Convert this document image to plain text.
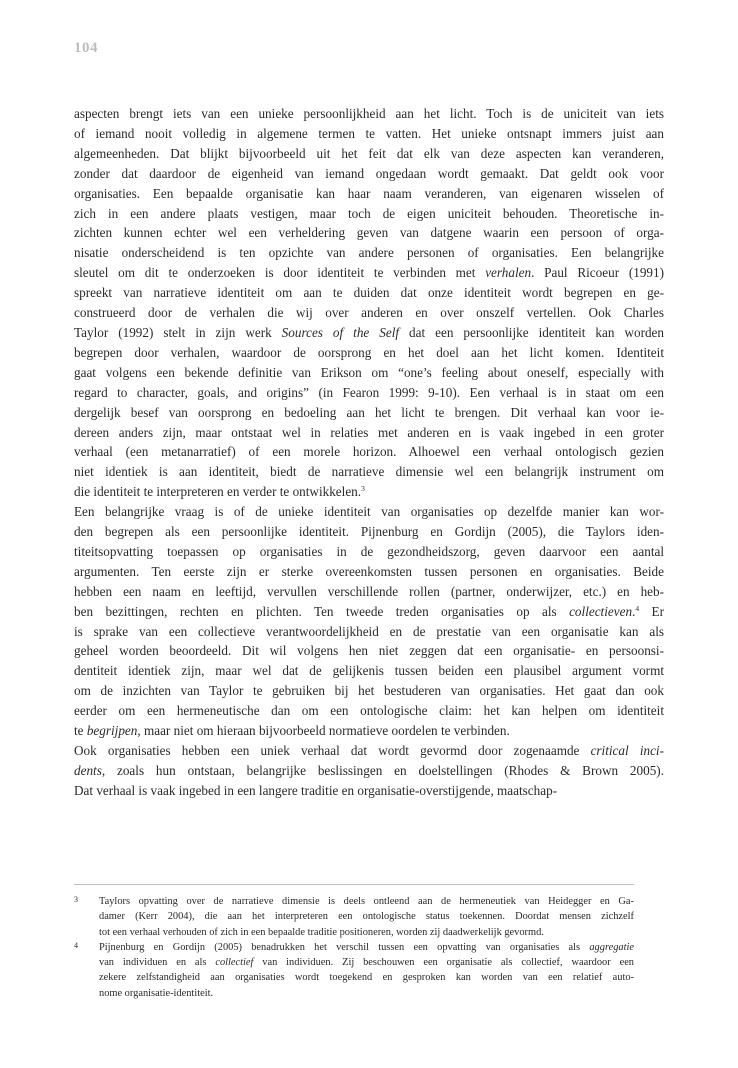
104
aspecten brengt iets van een unieke persoonlijkheid aan het licht. Toch is de uniciteit van iets
of iemand nooit volledig in algemene termen te vatten. Het unieke ontsnapt immers juist aan
algemeenheden. Dat blijkt bijvoorbeeld uit het feit dat elk van deze aspecten kan veranderen,
zonder dat daardoor de eigenheid van iemand ongedaan wordt gemaakt. Dat geldt ook voor
organisaties. Een bepaalde organisatie kan haar naam veranderen, van eigenaren wisselen of
zich in een andere plaats vestigen, maar toch de eigen uniciteit behouden. Theoretische in-
zichten kunnen echter wel een verheldering geven van datgene waarin een persoon of orga-
nisatie onderscheidend is ten opzichte van andere personen of organisaties. Een belangrijke
sleutel om dit te onderzoeken is door identiteit te verbinden met verhalen. Paul Ricoeur (1991)
spreekt van narratieve identiteit om aan te duiden dat onze identiteit wordt begrepen en ge-
construeerd door de verhalen die wij over anderen en over onszelf vertellen. Ook Charles
Taylor (1992) stelt in zijn werk Sources of the Self dat een persoonlijke identiteit kan worden
begrepen door verhalen, waardoor de oorsprong en het doel aan het licht komen. Identiteit
gaat volgens een bekende definitie van Erikson om “one’s feeling about oneself, especially with
regard to character, goals, and origins” (in Fearon 1999: 9-10). Een verhaal is in staat om een
dergelijk besef van oorsprong en bedoeling aan het licht te brengen. Dit verhaal kan voor ie-
dereen anders zijn, maar ontstaat wel in relaties met anderen en is vaak ingebed in een groter
verhaal (een metanarratief) of een morele horizon. Alhoewel een verhaal ontologisch gezien
niet identiek is aan identiteit, biedt de narratieve dimensie wel een belangrijk instrument om
die identiteit te interpreteren en verder te ontwikkelen.$^3$
Een belangrijke vraag is of de unieke identiteit van organisaties op dezelfde manier kan wor-
den begrepen als een persoonlijke identiteit. Pijnenburg en Gordijn (2005), die Taylors iden-
titeitsopvatting toepassen op organisaties in de gezondheidszorg, geven daarvoor een aantal
argumenten. Ten eerste zijn er sterke overeenkomsten tussen personen en organisaties. Beide
hebben een naam en leeftijd, vervullen verschillende rollen (partner, onderwijzer, etc.) en heb-
ben bezittingen, rechten en plichten. Ten tweede treden organisaties op als collectieven.$^4$ Er
is sprake van een collectieve verantwoordelijkheid en de prestatie van een organisatie kan als
geheel worden beoordeeld. Dit wil volgens hen niet zeggen dat een organisatie- en persoonsi-
dentiteit identiek zijn, maar wel dat de gelijkenis tussen beiden een plausibel argument vormt
om de inzichten van Taylor te gebruiken bij het bestuderen van organisaties. Het gaat dan ook
eerder om een hermeneutische dan om een ontologische claim: het kan helpen om identiteit
te begrijpen, maar niet om hieraan bijvoorbeeld normatieve oordelen te verbinden.
Ook organisaties hebben een uniek verhaal dat wordt gevormd door zogenaamde critical inci-
dents, zoals hun ontstaan, belangrijke beslissingen en doelstellingen (Rhodes & Brown 2005).
Dat verhaal is vaak ingebed in een langere traditie en organisatie-overstijgende, maatschap-
3 Taylors opvatting over de narratieve dimensie is deels ontleend aan de hermeneutiek van Heidegger en Ga-
damer (Kerr 2004), die aan het interpreteren een ontologische status toekennen. Doordat mensen zichzelf
tot een verhaal verhouden of zich in een bepaalde traditie positioneren, worden zij daadwerkelijk gevormd.
4 Pijnenburg en Gordijn (2005) benadrukken het verschil tussen een opvatting van organisaties als aggregatie
van individuen en als collectief van individuen. Zij beschouwen een organisatie als collectief, waardoor een
zekere zelfstandigheid aan organisaties wordt toegekend en gesproken kan worden van een relatief auto-
nome organisatie-identiteit.
